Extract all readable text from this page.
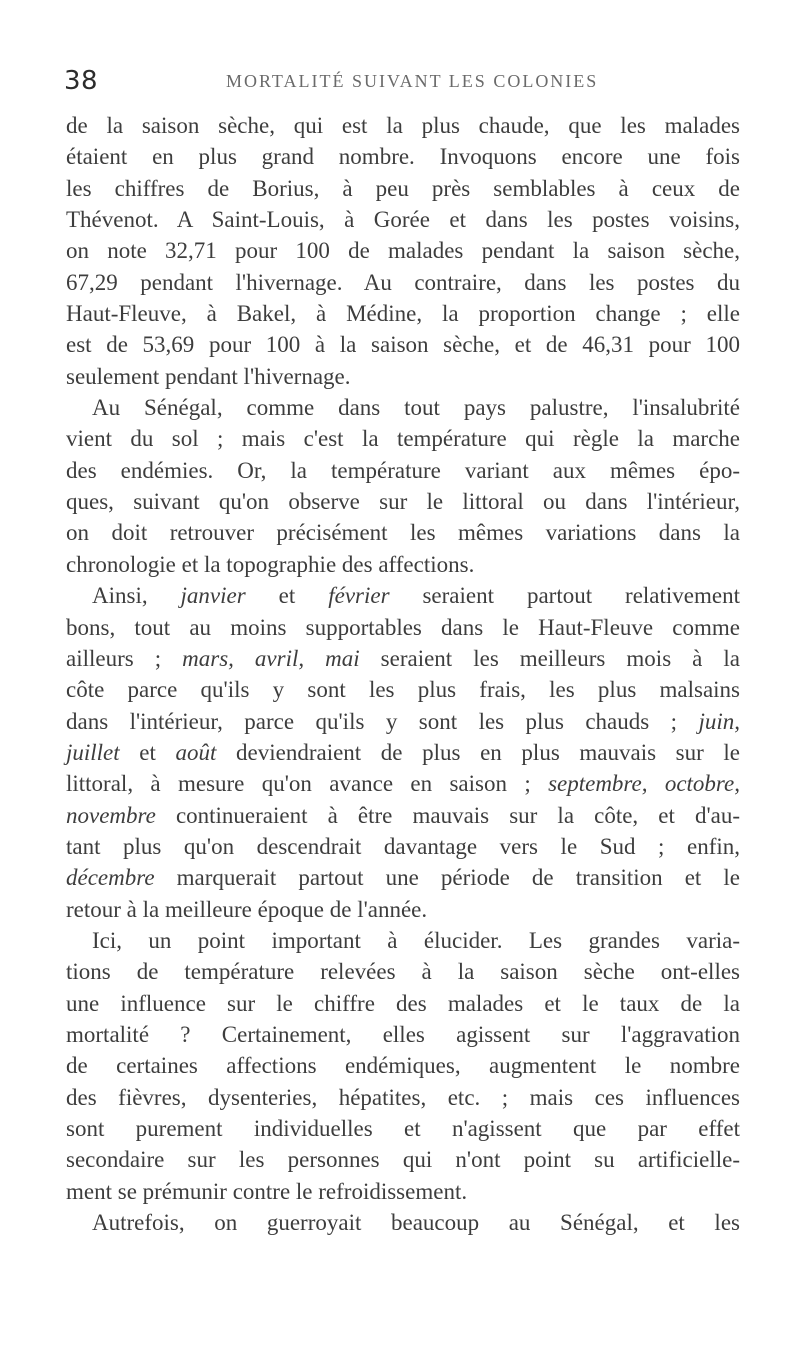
38	MORTALITÉ SUIVANT LES COLONIES
de la saison sèche, qui est la plus chaude, que les malades
étaient en plus grand nombre. Invoquons encore une fois
les chiffres de Borius, à peu près semblables à ceux de
Thévenot. A Saint-Louis, à Gorée et dans les postes voisins,
on note 32,71 pour 100 de malades pendant la saison sèche,
67,29 pendant l'hivernage. Au contraire, dans les postes du
Haut-Fleuve, à Bakel, à Médine, la proportion change ; elle
est de 53,69 pour 100 à la saison sèche, et de 46,31 pour 100
seulement pendant l'hivernage.
Au Sénégal, comme dans tout pays palustre, l'insalubrité
vient du sol ; mais c'est la température qui règle la marche
des endémies. Or, la température variant aux mêmes épo-
ques, suivant qu'on observe sur le littoral ou dans l'intérieur,
on doit retrouver précisément les mêmes variations dans la
chronologie et la topographie des affections.
Ainsi, janvier et février seraient partout relativement
bons, tout au moins supportables dans le Haut-Fleuve comme
ailleurs ; mars, avril, mai seraient les meilleurs mois à la
côte parce qu'ils y sont les plus frais, les plus malsains
dans l'intérieur, parce qu'ils y sont les plus chauds ; juin,
juillet et août deviendraient de plus en plus mauvais sur le
littoral, à mesure qu'on avance en saison ; septembre, octobre,
novembre continueraient à être mauvais sur la côte, et d'au-
tant plus qu'on descendrait davantage vers le Sud ; enfin,
décembre marquerait partout une période de transition et le
retour à la meilleure époque de l'année.
Ici, un point important à élucider. Les grandes varia-
tions de température relevées à la saison sèche ont-elles
une influence sur le chiffre des malades et le taux de la
mortalité ? Certainement, elles agissent sur l'aggravation
de certaines affections endémiques, augmentent le nombre
des fièvres, dysenteries, hépatites, etc. ; mais ces influences
sont purement individuelles et n'agissent que par effet
secondaire sur les personnes qui n'ont point su artificielle-
ment se prémunir contre le refroidissement.
Autrefois, on guerroyait beaucoup au Sénégal, et les
